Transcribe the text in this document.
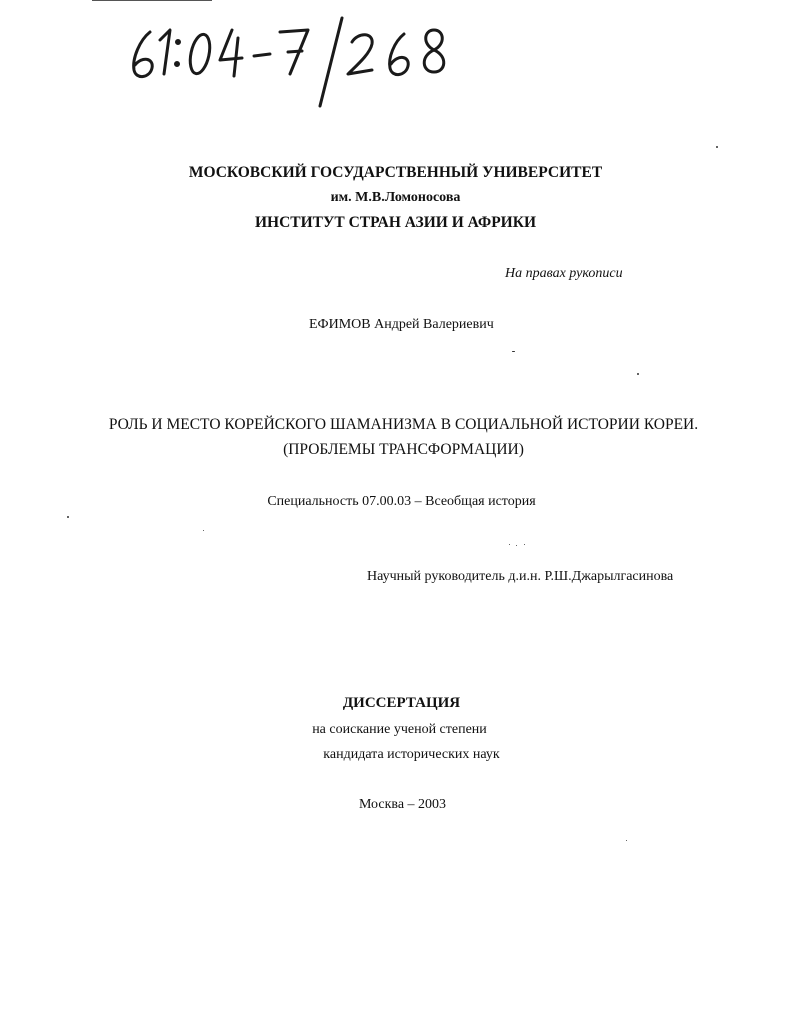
МОСКОВСКИЙ ГОСУДАРСТВЕННЫЙ УНИВЕРСИТЕТ
им. М.В.Ломоносова
ИНСТИТУТ СТРАН АЗИИ И АФРИКИ
На правах рукописи
ЕФИМОВ Андрей Валериевич
РОЛЬ И МЕСТО КОРЕЙСКОГО ШАМАНИЗМА В СОЦИАЛЬНОЙ ИСТОРИИ КОРЕИ.
(ПРОБЛЕМЫ ТРАНСФОРМАЦИИ)
Специальность 07.00.03 – Всеобщая история
Научный руководитель д.и.н. Р.Ш.Джарылгасинова
ДИССЕРТАЦИЯ
на соискание ученой степени
кандидата исторических наук
Москва – 2003
